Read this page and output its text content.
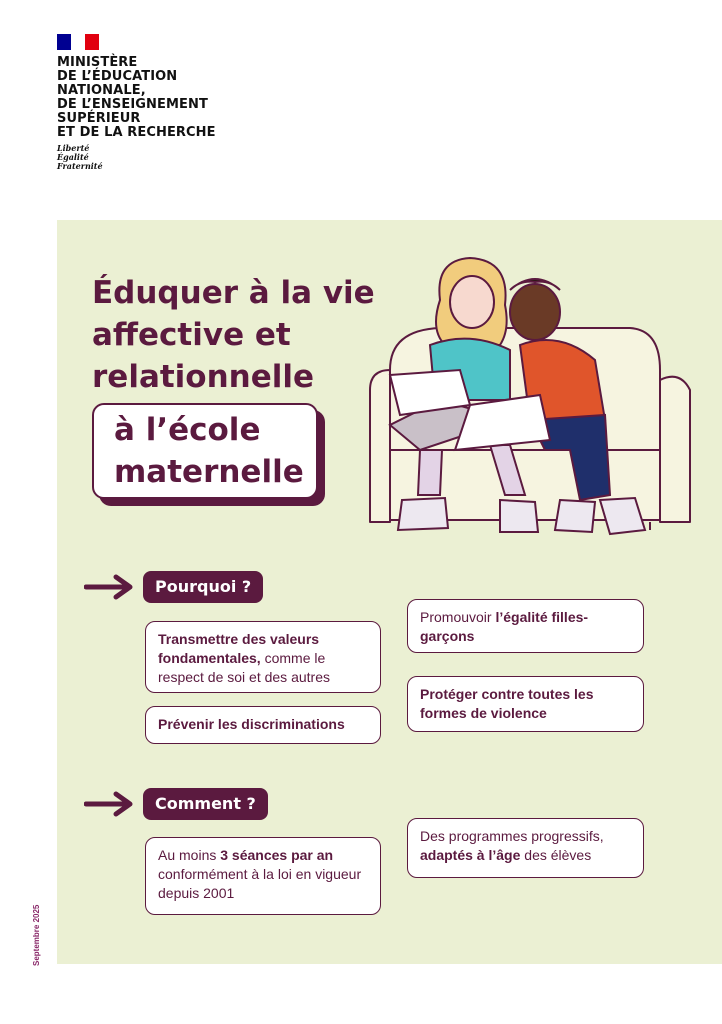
MINISTÈRE
DE L’ÉDUCATION
NATIONALE,
DE L’ENSEIGNEMENT
SUPÉRIEUR
ET DE LA RECHERCHE
Liberté
Égalité
Fraternité
Éduquer à la vie
affective et
relationnelle
à l’école
maternelle
Pourquoi ?
Transmettre des valeurs fondamentales, comme le respect de soi et des autres
Prévenir les discriminations
Promouvoir l’égalité filles-garçons
Protéger contre toutes les formes de violence
Comment ?
Au moins 3 séances par an conformément à la loi en vigueur depuis 2001
Des programmes progressifs, adaptés à l’âge des élèves
Septembre 2025
